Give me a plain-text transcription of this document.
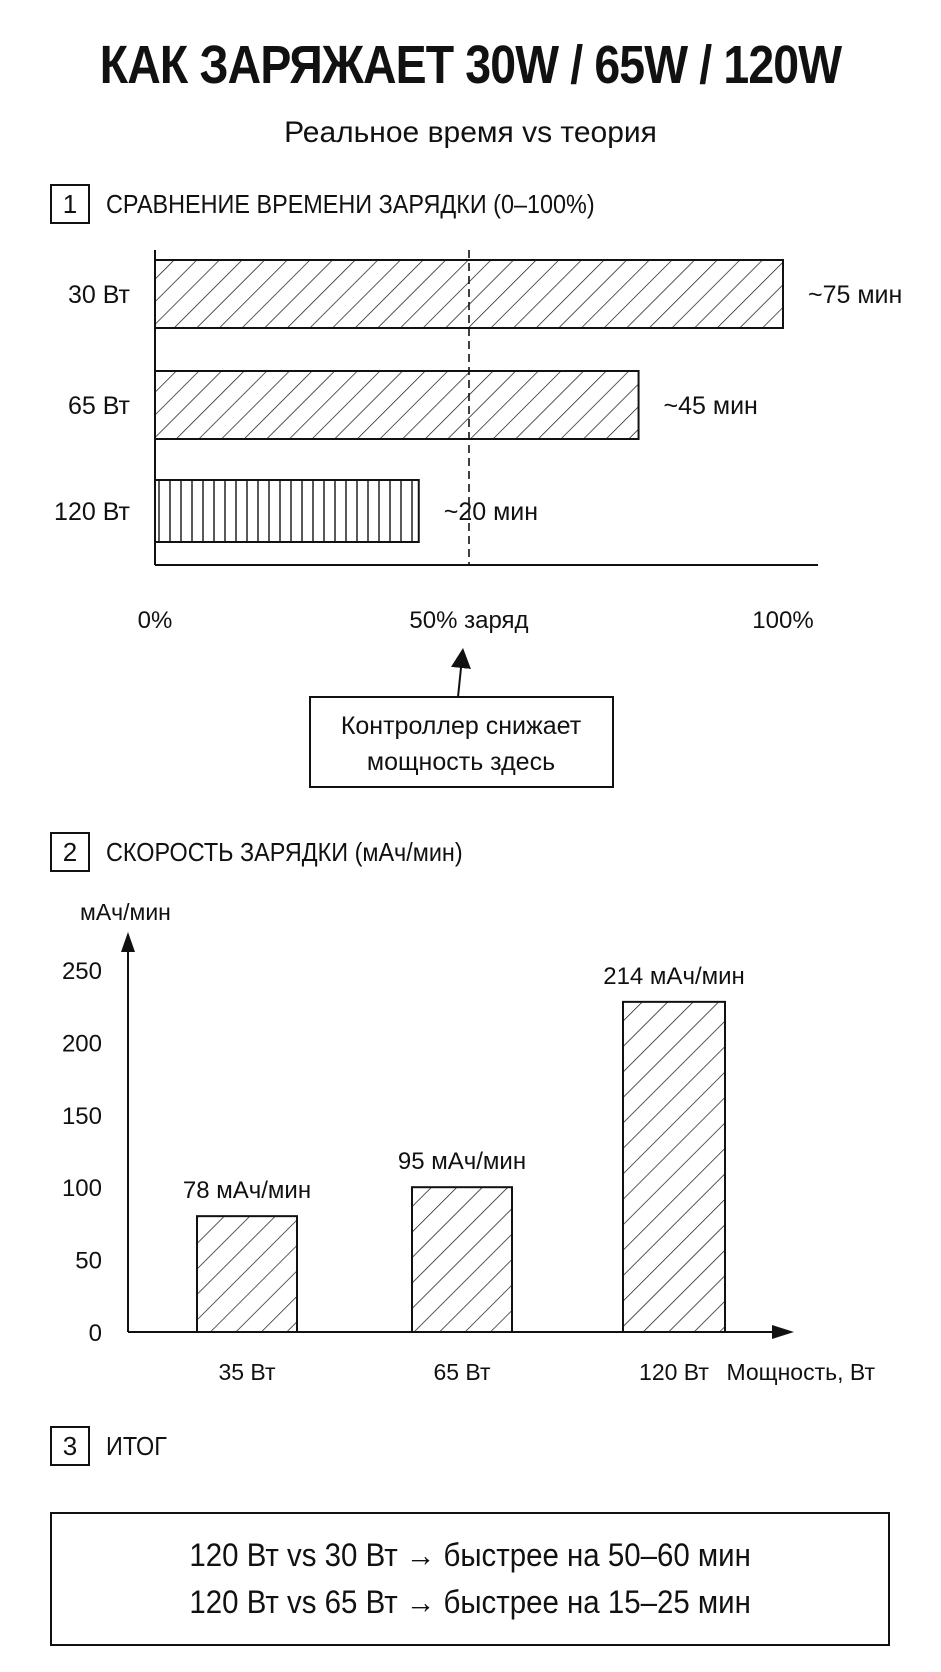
КАК ЗАРЯЖАЕТ 30W / 65W / 120W
Реальное время vs теория
1	СРАВНЕНИЕ ВРЕМЕНИ ЗАРЯДКИ (0–100%)
30 Вт	~75 мин
65 Вт	~45 мин
120 Вт	~20 мин
0%	50% заряд	100%
Контроллер снижает
мощность здесь
2	СКОРОСТЬ ЗАРЯДКИ (мАч/мин)
мАч/мин
Мощность, Вт
0
50
100
150
200
250
78 мАч/мин
35 Вт
95 мАч/мин
65 Вт
214 мАч/мин
120 Вт
3	ИТОГ
120 Вт vs 30 Вт → быстрее на 50–60 мин
120 Вт vs 65 Вт → быстрее на 15–25 мин
